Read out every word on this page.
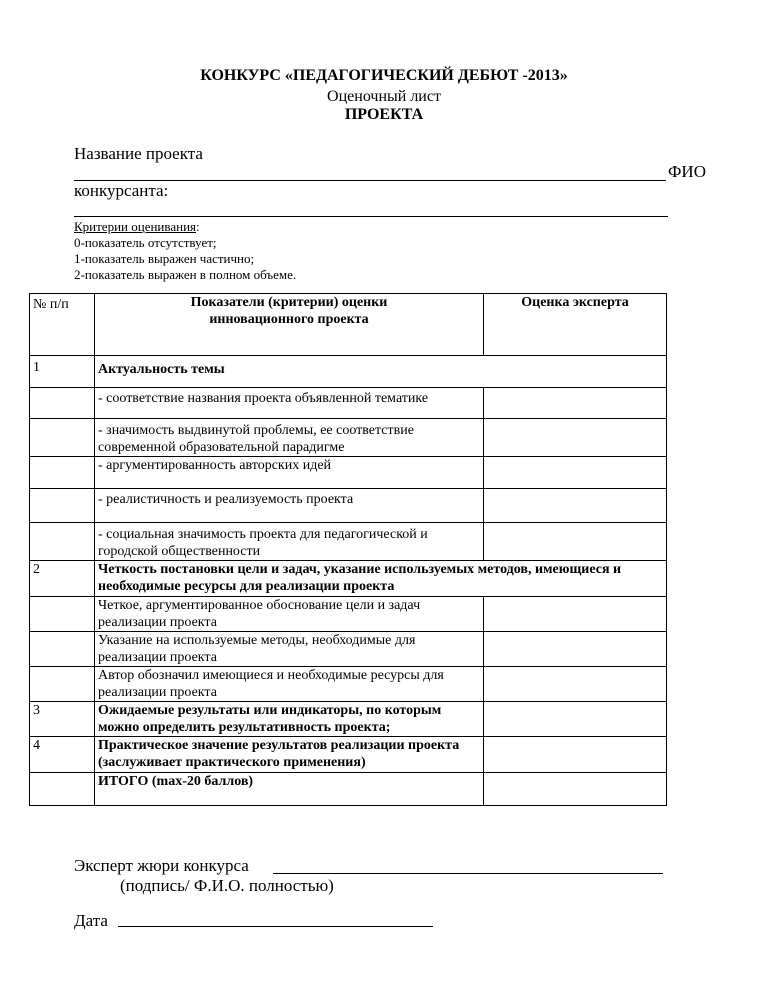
КОНКУРС «ПЕДАГОГИЧЕСКИЙ ДЕБЮТ -2013»
Оценочный лист
ПРОЕКТА
Название проекта
ФИО
конкурсанта:
Критерии оценивания:
0-показатель отсутствует;
1-показатель выражен частично;
2-показатель выражен в полном объеме.
№ п/п	Показатели (критерии) оценки инновационного проекта	Оценка эксперта
1	Актуальность темы	
	- соответствие названия проекта объявленной тематике	
	- значимость выдвинутой проблемы, ее соответствие современной образовательной парадигме	
	- аргументированность авторских идей	
	- реалистичность и реализуемость проекта	
	- социальная значимость проекта для педагогической и городской общественности	
2	Четкость постановки цели и задач, указание используемых методов, имеющиеся и необходимые ресурсы для реализации проекта	
	Четкое, аргументированное обоснование цели и задач реализации проекта	
	Указание на используемые методы, необходимые для реализации проекта	
	Автор обозначил имеющиеся и необходимые ресурсы для реализации проекта	
3	Ожидаемые результаты или индикаторы, по которым можно определить результативность проекта;	
4	Практическое значение результатов реализации проекта (заслуживает практического применения)	
	ИТОГО (max-20 баллов)	
Эксперт жюри конкурса
(подпись/ Ф.И.О. полностью)
Дата
